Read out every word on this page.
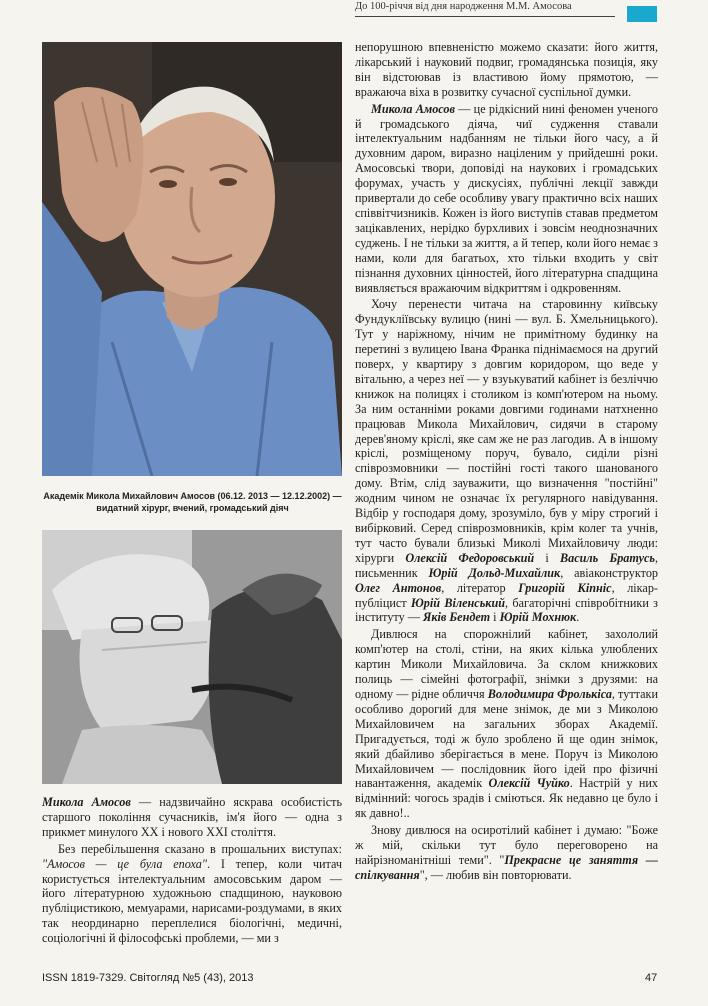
До 100-річчя від дня народження М.М. Амосова
Академік Микола Михайлович Амосов (06.12. 2013 — 12.12.2002) — видатний хірург, вчений, громадський діяч

Микола Амосов — надзвичайно яскрава особистість старшого покоління сучасників, ім'я його — одна з прикмет минулого XX і нового XXI століття.

Без перебільшення сказано в прошальних виступах: "Амосов — це була епоха". І тепер, коли читач користується інтелектуальним амосовським даром — його літературною художньою спадщиною, науковою публіцистикою, мемуарами, нарисами-роздумами, в яких так неординарно переплелися біологічні, медичні, соціологічні й філософські проблеми, — ми з

непорушною впевненістю можемо сказати: його життя, лікарський і науковий подвиг, громадянська позиція, яку він відстоював із властивою йому прямотою, — вражаюча віха в розвитку сучасної суспільної думки.

Микола Амосов — це рідкісний нині феномен ученого й громадського діяча, чиї судження ставали інтелектуальним надбанням не тільки його часу, а й духовним даром, виразно націленим у прийдешні роки. Амосовські твори, доповіді на наукових і громадських форумах, участь у дискусіях, публічні лекції завжди привертали до себе особливу увагу практично всіх наших співвітчизників. Кожен із його виступів ставав предметом зацікавлених, нерідко бурхливих і зовсім неоднозначних суджень. І не тільки за життя, а й тепер, коли його немає з нами, коли для багатьох, хто тільки входить у світ пізнання духовних цінностей, його літературна спадщина виявляється вражаючим відкриттям і одкровенням.

Хочу перенести читача на старовинну київську Фундукліївську вулицю (нині — вул. Б. Хмельницького). Тут у наріжному, нічим не примітному будинку на перетині з вулицею Івана Франка піднімаємося на другий поверх, у квартиру з довгим коридором, що веде у вітальню, а через неї — у взуькуватий кабінет із безліччю книжок на полицях і столиком із комп'ютером на ньому. За ним останніми роками довгими годинами натхненно працював Микола Михайлович, сидячи в старому дерев'яному кріслі, яке сам же не раз лагодив. А в іншому кріслі, розміщеному поруч, бувало, сиділи різні співрозмовники — постійні гості такого шанованого дому. Втім, слід зауважити, що визначення "постійні" жодним чином не означає їх регулярного навідування. Відбір у господаря дому, зрозуміло, був у міру строгий і вибірковий. Серед співрозмовників, крім колег та учнів, тут часто бували близькі Миколі Михайловичу люди: хірурги Олексій Федоровський і Василь Братусь, письменник Юрій Дольд-Михайлик, авіаконструктор Олег Антонов, літератор Григорій Кіпніс, лікар-публіцист Юрій Віленський, багаторічні співробітники з інституту — Якiв Бендет і Юрій Мохнюк.

Дивлюся на спорожнілий кабінет, захололий комп'ютер на столі, стіни, на яких кілька улюблених картин Миколи Михайловича. За склом книжкових полиць — сімейні фотографії, знімки з друзями: на одному — рідне обличчя Володимира Фролькіса, туттаки особливо дорогий для мене знімок, де ми з Миколою Михайловичем на загальних зборах Академії. Пригадується, тоді ж було зроблено й ще один знімок, який дбайливо зберігається в мене. Поруч із Миколою Михайловичем — послідовник його ідей про фізичні навантаження, академік Олексій Чуйко. Настрій у них відмінний: чогось зрадів і сміються. Як недавно це було і як давно!..

Знову дивлюся на осиротілий кабінет і думаю: "Боже ж мій, скільки тут було переговорено на найрізноманітніші теми". "Прекрасне це заняття — спілкування", — любив він повторювати.

ISSN 1819-7329. Світогляд №5 (43), 2013	47
